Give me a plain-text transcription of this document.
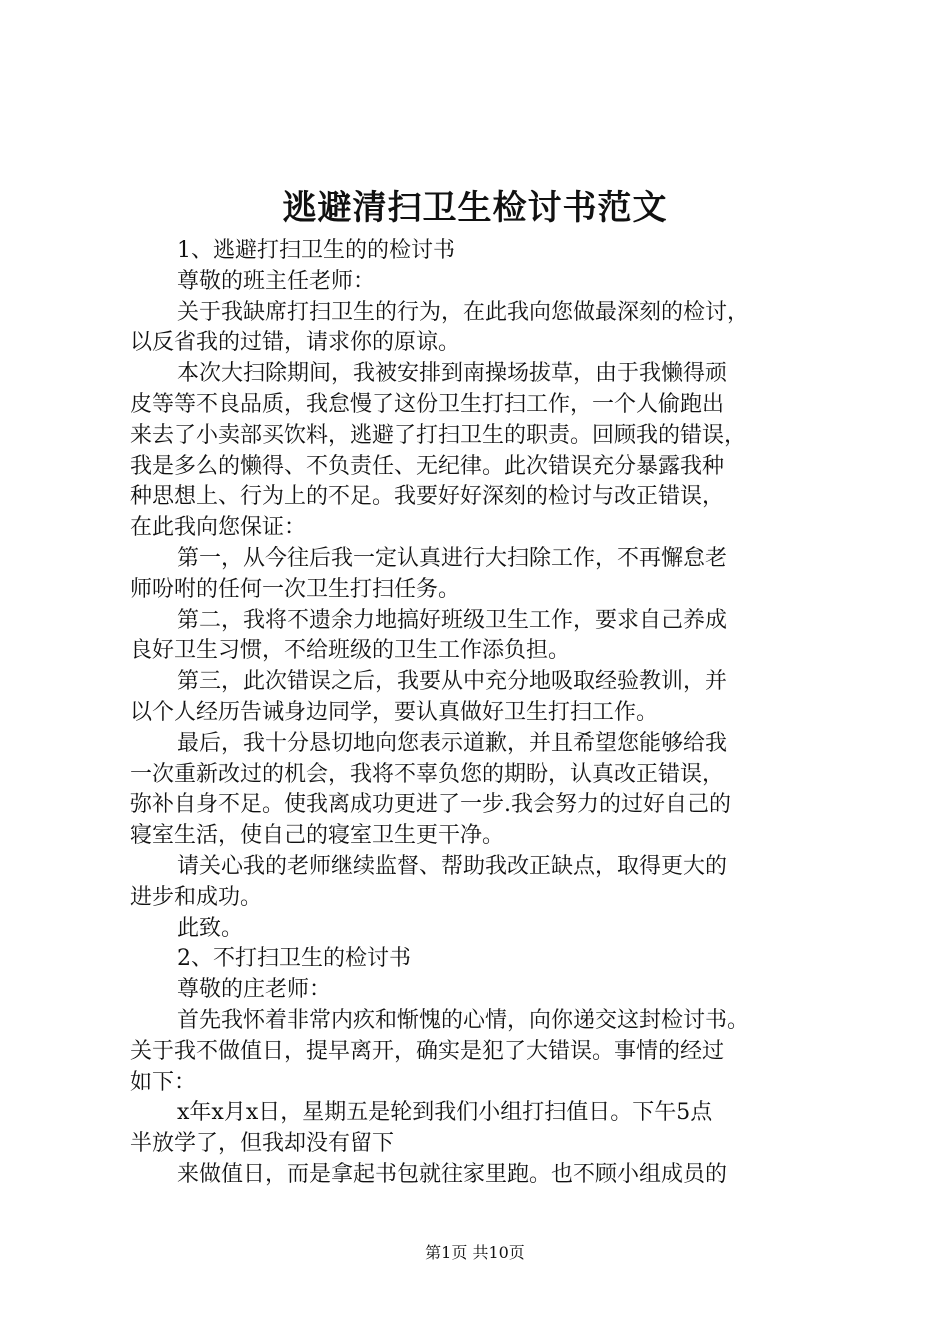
逃避清扫卫生检讨书范文
1、逃避打扫卫生的的检讨书
尊敬的班主任老师：
关于我缺席打扫卫生的行为，在此我向您做最深刻的检讨，
以反省我的过错，请求你的原谅。
本次大扫除期间，我被安排到南操场拔草，由于我懒得顽
皮等等不良品质，我怠慢了这份卫生打扫工作，一个人偷跑出
来去了小卖部买饮料，逃避了打扫卫生的职责。回顾我的错误，
我是多么的懒得、不负责任、无纪律。此次错误充分暴露我种
种思想上、行为上的不足。我要好好深刻的检讨与改正错误，
在此我向您保证：
第一，从今往后我一定认真进行大扫除工作，不再懈怠老
师吩咐的任何一次卫生打扫任务。
第二，我将不遗余力地搞好班级卫生工作，要求自己养成
良好卫生习惯，不给班级的卫生工作添负担。
第三，此次错误之后，我要从中充分地吸取经验教训，并
以个人经历告诫身边同学，要认真做好卫生打扫工作。
最后，我十分恳切地向您表示道歉，并且希望您能够给我
一次重新改过的机会，我将不辜负您的期盼，认真改正错误，
弥补自身不足。使我离成功更进了一步.我会努力的过好自己的
寝室生活，使自己的寝室卫生更干净。
请关心我的老师继续监督、帮助我改正缺点，取得更大的
进步和成功。
此致。
2、不打扫卫生的检讨书
尊敬的庄老师：
首先我怀着非常内疚和惭愧的心情，向你递交这封检讨书。
关于我不做值日，提早离开，确实是犯了大错误。事情的经过
如下：
x年x月x日，星期五是轮到我们小组打扫值日。下午5点
半放学了，但我却没有留下
来做值日，而是拿起书包就往家里跑。也不顾小组成员的
第1页 共10页
